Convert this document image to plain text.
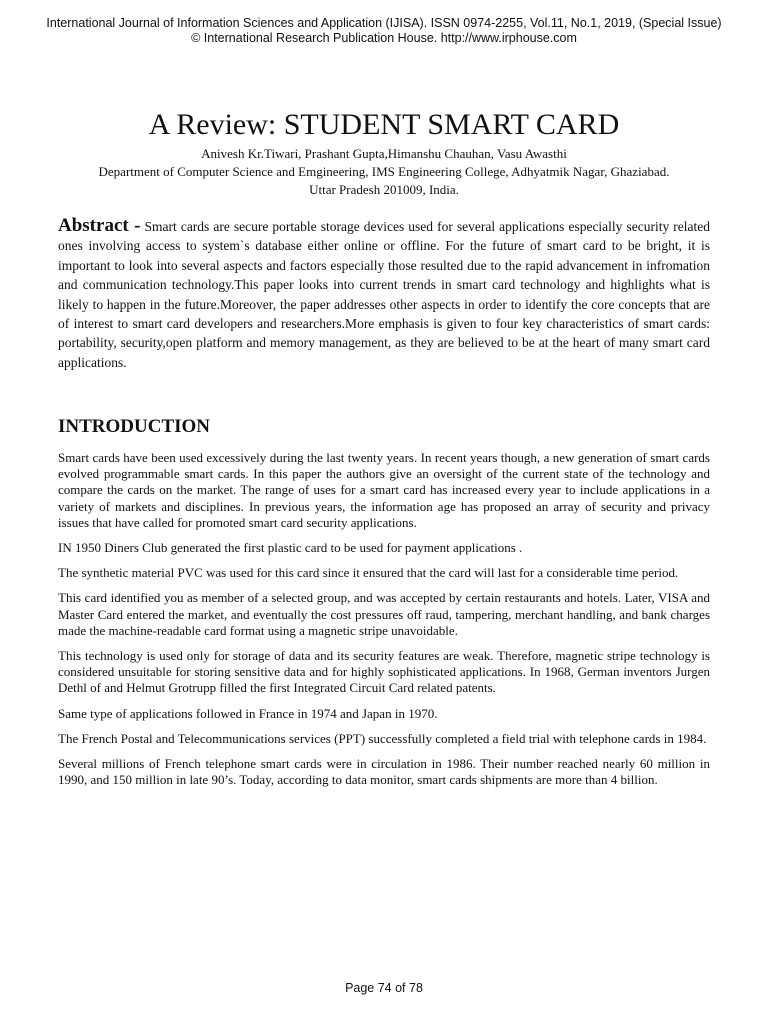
International Journal of Information Sciences and Application (IJISA). ISSN 0974-2255, Vol.11, No.1, 2019, (Special Issue)
© International Research Publication House. http://www.irphouse.com
A Review: STUDENT SMART CARD
Anivesh Kr.Tiwari, Prashant Gupta,Himanshu Chauhan, Vasu Awasthi
Department of Computer Science and Emgineering, IMS Engineering College, Adhyatmik Nagar, Ghaziabad.
Uttar Pradesh 201009, India.
Abstract - Smart cards are secure portable storage devices used for several applications especially security related ones involving access to system`s database either online or offline. For the future of smart card to be bright, it is important to look into several aspects and factors especially those resulted due to the rapid advancement in infromation and communication technology.This paper looks into current trends in smart card technology and highlights what is likely to happen in the future.Moreover, the paper addresses other aspects in order to identify the core concepts that are of interest to smart card developers and researchers.More emphasis is given to four key characteristics of smart cards: portability, security,open platform and memory management, as they are believed to be at the heart of many smart card applications.
INTRODUCTION

Smart cards have been used excessively during the last twenty years. In recent years though, a new generation of smart cards evolved programmable smart cards. In this paper the authors give an oversight of the current state of the technology and compare the cards on the market. The range of uses for a smart card has increased every year to include applications in a variety of markets and disciplines. In previous years, the information age has proposed an array of security and privacy issues that have called for promoted smart card security applications.

IN 1950 Diners Club generated the first plastic card to be used for payment applications .

The synthetic material PVC was used for this card since it ensured that the card will last for a considerable time period.

This card identified you as member of a selected group, and was accepted by certain restaurants and hotels. Later, VISA and Master Card entered the market, and eventually the cost pressures off raud, tampering, merchant handling, and bank charges made the machine-readable card format using a magnetic stripe unavoidable.

This technology is used only for storage of data and its security features are weak. Therefore, magnetic stripe technology is considered unsuitable for storing sensitive data and for highly sophisticated applications. In 1968, German inventors Jurgen Dethl of and Helmut Grotrupp filled the first Integrated Circuit Card related patents.

Same type of applications followed in France in 1974 and Japan in 1970.

The French Postal and Telecommunications services (PPT) successfully completed a field trial with telephone cards in 1984.

Several millions of French telephone smart cards were in circulation in 1986. Their number reached nearly 60 million in 1990, and 150 million in late 90’s. Today, according to data monitor, smart cards shipments are more than 4 billion.

Page 74 of 78
